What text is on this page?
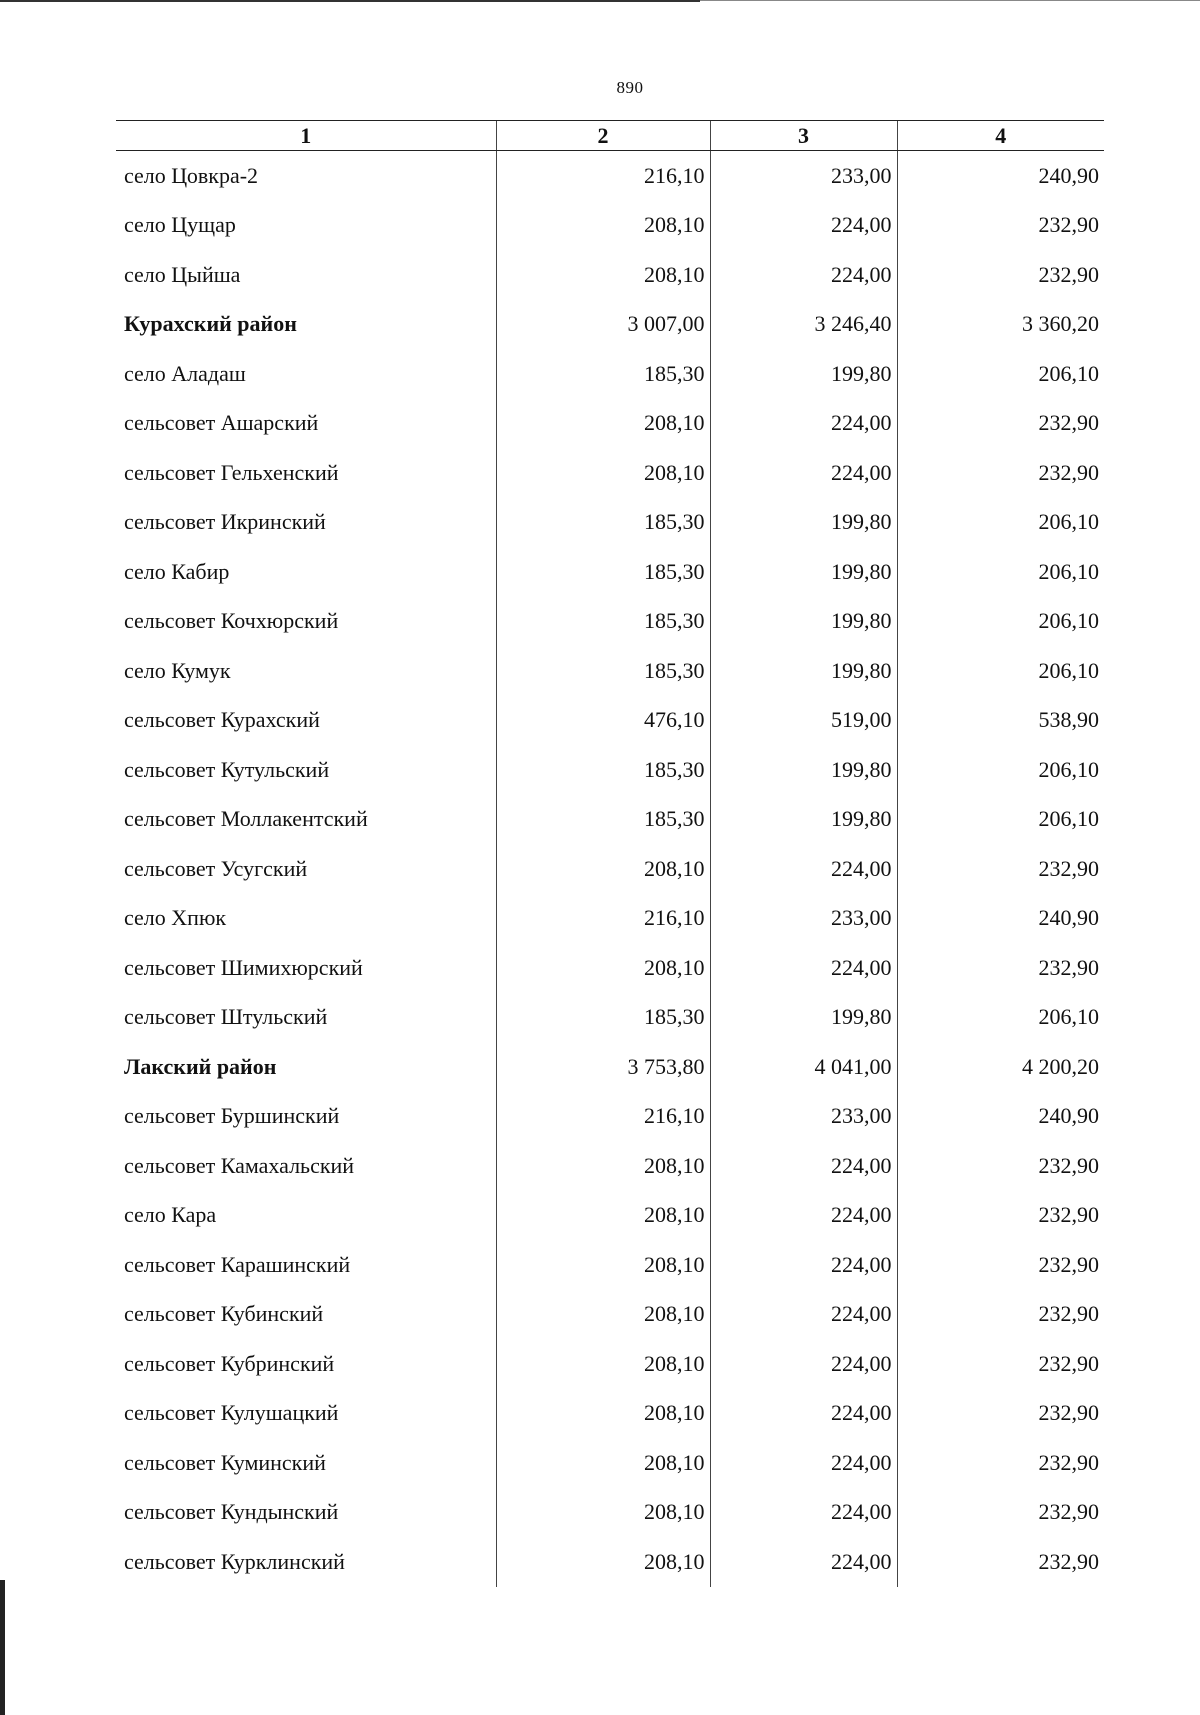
890
1	2	3	4
село Цовкра-2	216,10	233,00	240,90
село Цущар	208,10	224,00	232,90
село Цыйша	208,10	224,00	232,90
Курахский район	3 007,00	3 246,40	3 360,20
село Аладаш	185,30	199,80	206,10
сельсовет Ашарский	208,10	224,00	232,90
сельсовет Гельхенский	208,10	224,00	232,90
сельсовет Икринский	185,30	199,80	206,10
село Кабир	185,30	199,80	206,10
сельсовет Кочхюрский	185,30	199,80	206,10
село Кумук	185,30	199,80	206,10
сельсовет Курахский	476,10	519,00	538,90
сельсовет Кутульский	185,30	199,80	206,10
сельсовет Моллакентский	185,30	199,80	206,10
сельсовет Усугский	208,10	224,00	232,90
село Хпюк	216,10	233,00	240,90
сельсовет Шимихюрский	208,10	224,00	232,90
сельсовет Штульский	185,30	199,80	206,10
Лакский район	3 753,80	4 041,00	4 200,20
сельсовет Буршинский	216,10	233,00	240,90
сельсовет Камахальский	208,10	224,00	232,90
село Кара	208,10	224,00	232,90
сельсовет Карашинский	208,10	224,00	232,90
сельсовет Кубинский	208,10	224,00	232,90
сельсовет Кубринский	208,10	224,00	232,90
сельсовет Кулушацкий	208,10	224,00	232,90
сельсовет Куминский	208,10	224,00	232,90
сельсовет Кундынский	208,10	224,00	232,90
сельсовет Курклинский	208,10	224,00	232,90
